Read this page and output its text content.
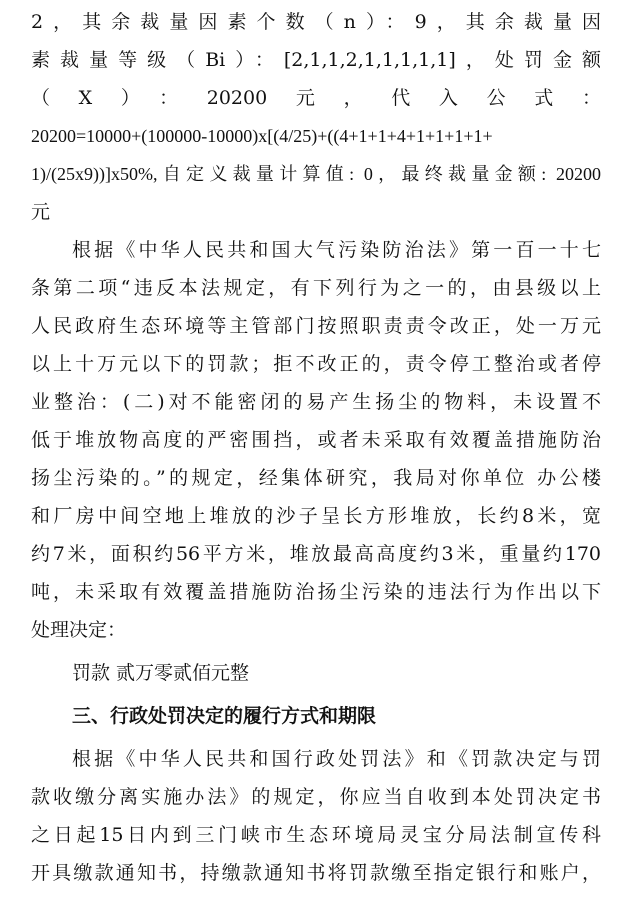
2，其余裁量因素个数（n）：9，其余裁量因
素裁量等级（Bi）：[2,1,1,2,1,1,1,1,1]，处罚金额
（X）：20200元，代入公式：
20200=10000+(100000-10000)x[(4/25)+((4+1+1+4+1+1+1+1+
1)/(25x9))]x50%,自定义裁量计算值: 0，最终裁量金额: 20200
元
根据《中华人民共和国大气污染防治法》第一百一十七
条第二项“违反本法规定，有下列行为之一的，由县级以上
人民政府生态环境等主管部门按照职责责令改正，处一万元
以上十万元以下的罚款；拒不改正的，责令停工整治或者停
业整治：(二)对不能密闭的易产生扬尘的物料，未设置不
低于堆放物高度的严密围挡，或者未采取有效覆盖措施防治
扬尘污染的。”的规定，经集体研究，我局对你单位 办公楼
和厂房中间空地上堆放的沙子呈长方形堆放，长约8米，宽
约7米，面积约56平方米，堆放最高高度约3米，重量约170
吨，未采取有效覆盖措施防治扬尘污染的违法行为作出以下
处理决定：
罚款 贰万零贰佰元整
三、行政处罚决定的履行方式和期限
根据《中华人民共和国行政处罚法》和《罚款决定与罚
款收缴分离实施办法》的规定，你应当自收到本处罚决定书
之日起15日内到三门峡市生态环境局灵宝分局法制宣传科
开具缴款通知书，持缴款通知书将罚款缴至指定银行和账户，
